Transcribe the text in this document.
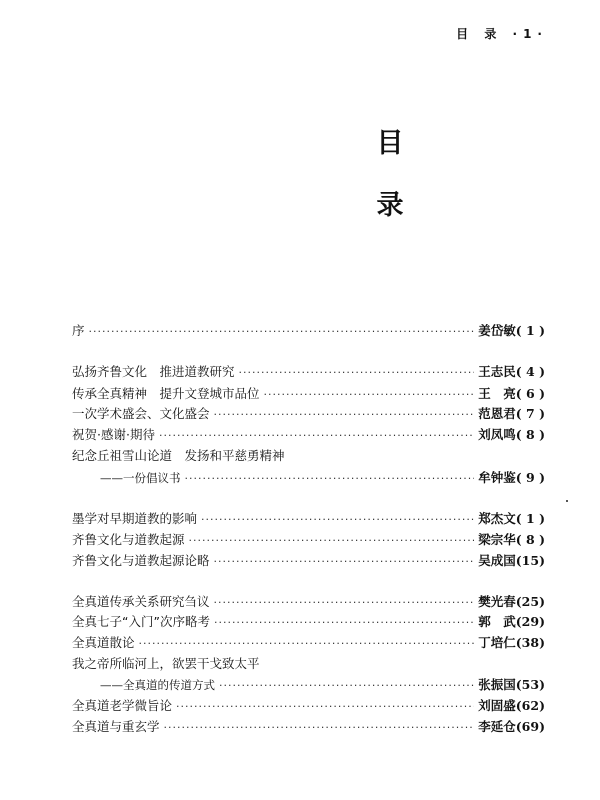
目 录 ·1·
目
录
序 ·····	姜岱敏 ( 1 )
弘扬齐鲁文化　推进道教研究 ·····	王志民 ( 4 )
传承全真精神　提升文登城市品位 ·····	王　亮 ( 6 )
一次学术盛会、文化盛会 ·····	范恩君 ( 7 )
祝贺·感谢·期待 ·····	刘凤鸣 ( 8 )
纪念丘祖雪山论道　发扬和平慈勇精神
——一份倡议书 ·····	牟钟鉴 ( 9 )
墨学对早期道教的影响 ·····	郑杰文 ( 1 )
齐鲁文化与道教起源 ·····	梁宗华 ( 8 )
齐鲁文化与道教起源论略 ·····	吴成国 (15)
全真道传承关系研究刍议 ·····	樊光春 (25)
全真七子“入门”次序略考 ·····	郭　武 (29)
全真道散论 ·····	丁培仁 (38)
我之帝所临河上，欲罢干戈致太平
——全真道的传道方式 ·····	张振国 (53)
全真道老学微旨论 ·····	刘固盛 (62)
全真道与重玄学 ·····	李延仓 (69)
